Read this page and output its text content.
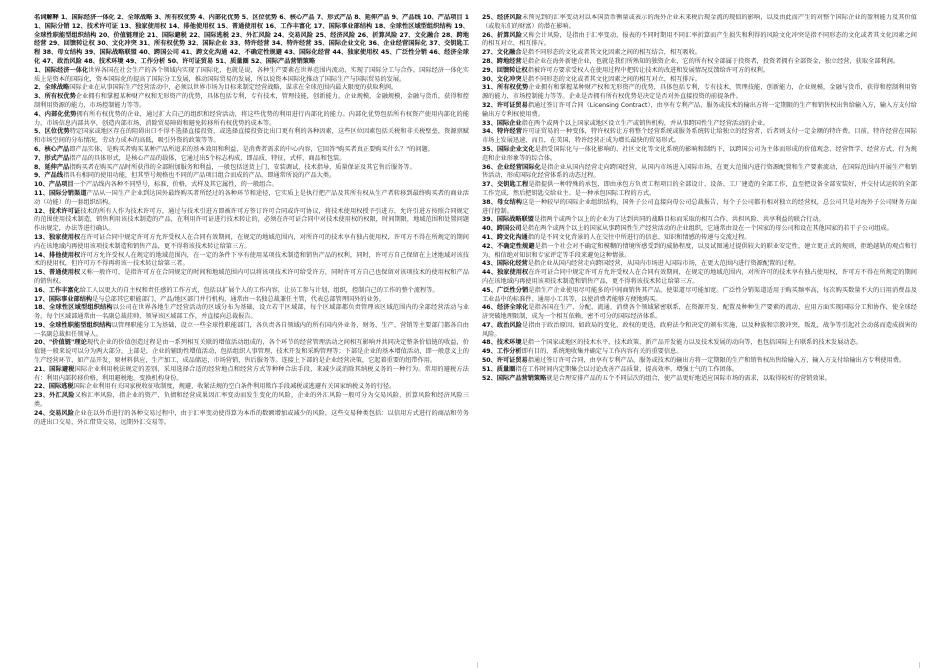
名词解释 1、国际经济一体化 2、全球战略 3、所有权优势 4、内部化优势 5、区位优势 6、核心产品 7、形式产品 8、延伸产品 9、产品线 10、产品项目 11、国际分销 12、技术许可证 13、独家使用权 14、排他使用权 15、普通使用权 16、工作丰富化 17、国际事业部结构 18、全球性区域型组织结构 19、全球性职能型组织结构 20、价值链理论 21、国际避税 22、国际逃税 23、外汇风险 24、交易风险 25、经济风险 26、折算风险 27、文化融合 28、跨地经营 29、回馈转让权 30、文化冲突 31、所有权优势 32、国际企业 33、特许经营 34、特许经营 35、国际企业文化 36、企业经营国际化 37、交钥匙工程 38、母女结构 39、国际战略联盟 40、跨国公司 41、跨文化沟通 42、不确定性规避 43、国际化经营 44、独家使用权 45、广泛性分销 46、经济全球化 47、政治风险 48、技术环境 49、工作分析 50、许可证贸易 51、质量圈 52、国际产品营销策略

1、国际经济一体化世界各国在社会生产的各个领域内实现了国际化，也就是说，各种生产要素在世界范围内流动，实现了国际分工与合作。国际经济一体化实质上是资本的国际化，资本国际化的提高了国际分工发展，推动国际贸易的发展，所以说资本国际化推动了国际生产与国际贸易的发展。

2、全球战略国际企业在从事国际生产经营活动中，必须以世界市场为目标来制定经营战略，谋求在全球范围内最大限度的获取利润。

3、所有权优势企业拥有和掌握某种财产权和无形资产的优势，具体包括专利，专有技术，管理技能，创新能力，企业规模，金融规模，金融与货币，获得和控制利用资源的能力，市场控制能力等等。

4、内部化优势拥有所有权优势的企业，通过扩大自己的组织和经营活动，将这些优势的利用进行内部化的能力。内部化优势包括所有权资产使用内部化的能力，市场信息内部共享，创造内部市场，消除贸易障碍和避免转移所有权优势的成本等。

5、区位优势特定国家或地区存在的阻碍出口不得不选择直接投资，或选择直接投资比出口更有利的各种因素，这些区位因素包括关税和非关税壁垒，资源禀赋和市场空间的分布情况，劳动力成本的高低，吸引外资的政策等等。

6、核心产品即产品实体，是购买者购买某种产品所追求的基本效用和利益，是消费者需求的中心内容，它回答"购买者真正要购买什么？"的问题。

7、形式产品指产品的具体形式，是核心产品的载体，它通过出5个标志构成，即品质，特征，式样，商品和包装。

8、延伸产品指购买者在购买产品时所获得的全部附加服务和利益，一般包括送货上门，安装调试，技术指导，质量保证及其它售后服务等。

9、产品线指具有相同的使用功能，但其型号规格也不同的产品项目组合而成的产品，即通常所说的产品大类。

10、产品项目一个产品线内各种不同型号，标准，价格，式样及其它属性，的一般组合。

11、国际分销渠道产品从一国生产企业到达国外最终购买者所经过的各种环节和途径，它实质上是执行把产品及其所有权从生产者转移到最终购买者的商业活动（功能）的一套组织结构。

12、技术许可证技术的所有人作为技术许可方，通过与技术引进方即被许可方签订许可合同或许可协议，将技术使用权授予引进方，允许引进方按照合同规定的范围使用技术制造，销售利用该技术制造的产品，在利用许可证进行技术转让的，必须在许可证合同中对技术使用权的权限，时间期限，地域范围和处置问题作出规定，办法等进行确认。

13、独家使用权在许可证合同中规定许可方允许受权人在合同有效期间，在规定的地域范围内，对所许可的技术享有独占使用权，许可方不得在所规定的期间内在该地域内再使用该项技术制造和销售产品，更不得将该技术转让给第三方。

14、排他使用权许可方允许受权人在规定的地域范围内，在一定的条件下享有使用某项技术制造和销售产品的权利，同时，许可方自己保留在上述地域对该技术的使用权，但许可方不得再将该一技术转让给第三者。

15、普通使用权又称一般许可，是指许可方在合同规定的时间和地域范围内可以将该项技术许可给受许方，同时许可方自己也保留对该项技术的使用权和产品的销售权。

16、工作丰富化给工人以更大的自主权和责任感的工作方式，包括以扩展个人的工作内容，让员工参与计划，组织，控制自己的工作的整个流程等。

17、国际事业部结构是与总部其它职能部门、产品/地区部门并行机构，通常由一名独总裁兼任主管，代表总部管理国外的业务。

18、全球性区域型组织结构以公司在世界各地生产经营活动的区域分布为基础，设立若干区域部，每个区域部都负责管理该区域范围内的全部经营活动与业务，每个区域部通常由一名副总裁挂帅，领导该区域部工作，并直接向总裁报告。

19、全球性职能型组织结构以管理职能分工为基础，设立一些全球性职能部门，各负责各自领域内的所有国内外业务，财务、生产、营销等主要部门都各自由一名副总裁担任领导人。

20、"价值链"理论现代企业的价值创造过程是由一系列相互关联的增值活动组成的，各个环节的经营管理活动之间相互影响并共同决定整条价值链的收益，价值链一般来说可以分为两大部分，上部是，企业的辅助性增值活动，包括组织人事管理，技术开发和采购管理等；下部是企业的基本增值活动，即一般意义上的生产经营环节，如产品开发，原材料供应，生产加工，成品储运，市场营销，售后服务等。连接上下部的是企业经营决策，它起着重要的纽带作用。

21、国际避税国际企业利用税法规定的差别，采用选择合适的经营地点和经营方式等种种合法手段，来减少或消除其纳税义务的一种行为。常用的避税方法有：利用内部转移价格，利用避税地，变换机构身份。

22、国际逃税国际企业利用有关国家税收征收制度，规避、收紧法规的空白条件利用欺诈手段减税或逃避有关国家纳税义务的行径。

23、外汇风险又称汇率风险，指企业的资产、负债和经营成果因汇率变动而发生变化的风险，企业的外汇风险一般可分为交易风险，折算风险和经济风险三类。

24、交易风险企业在以外币进行的各种交易过程中，由于汇率变动使得算为本币的数额增加或减少的风险，这些交易种类包括：以信用方式进行的商品和劳务的进出口交易，外汇借贷交易，远期外汇交易等。

25、经济风险未预见到的汇率变动对以本国货币衡量或表示的海外企业未来税后现金流的现值的影响，以及由此而产生的对整个国际企业的盈利能力及其价值（或股东们的财富）的潜在影响。

26、折算风险又称会计风险，是指由于汇率变动，报表的不同时期用不同汇率折算而产生损失和利得的风险文化冲突是指不同形态的文化或者其文化因素之间的相互对立，相互排斥。

27、文化融合是指不同形态的文化或者其文化因素之间的相互结合，相互吸收。

28、跨地经营是指企业在海外新建企业，也就是我们所熟知的独资企业，它的所有权全部属于投资者，投资者拥有全部资金，独立经营，获取全部利润。

29、回馈转让权指被许可方要求受权人在使用过程中把转让技术的改进和发展情况反馈给许可方的权利。

30、文化冲突是指不同形态的文化或者其文化因素之间的相互对立，相互排斥。

31、所有权优势企业拥有和掌握某种财产权和无形资产的优势，具体包括专利，专有技术，管理技能，创新能力，企业规模，金融与货币，获得和控制利用资源的能力，市场控制能力等等。企业是否拥有所有权优势是决定是否对外直接投资的前提条件。

32、许可证贸易指通过签订许可合同（Licensing Contract），由享有专利产品、服务或技术的输出方将一定期限的生产和销售权出售给输入方，输入方支付给输出方专利权使用费。

33、国际企业指在两个或两个以上国家或地区设立生产或销售机构，并从事跨国性生产经营活动的企业。

34、特许经营许可证贸易的一种变体，特许权转让方将整个经营系统或服务系统转让给独立的经营者，后者则支付一定金额的特许费。目前，特许经营在国际市场上发展迅速，而且，在美国，特许经营正成为增长最快的贸易形式。

35、国际企业文化是指受国际化与一体化影响的、社区文化等文化系统的影响和制约下，以跨国公司为主体而形成的价值观念、经营哲学、经营方式、行为规范和企业形象等的综合体。

36、企业经营国际化是指企业从国内经营走向跨国经营，从国内市场进入国际市场，在更大范围内进行资源配置和生产要素流动，在国际范围内开展生产和销售活动，形成国际化经营体系的动态过程。

37、交钥匙工程是指提供一种特殊的承包，即由承包方负责工程项目的全部设计、设备、工厂建造的全部工作，直至把设备全部安装好，并交付试运转的全部工作完成，然后把钥匙交给业主。是一种承包国际工程的方式。

38、母女结构这是一种较早的国际企业组织结构，国外子公司直接向母公司总裁报告，每个子公司都有相对独立的经营权，总公司只是对海外子公司财务方面进行控制。

39、国际战略联盟是指两个或两个以上的企业为了达到共同的战略目标而采取的相互合作、共担风险、共享利益的联合行动。

40、跨国公司是指在两个或两个以上的国家从事跨国性生产经营活动的企业组织，它通常由设在一个国家的母公司和设在其他国家的若干子公司组成。

41、跨文化沟通指的是不同文化背景的人在交往中所进行的信息、知识和情感的传递与交流过程。

42、不确定性规避是指一个社会对不确定和模糊的情境所感受到的威胁程度，以及试图通过提供较大的职业安定性，建立更正式的规则，拒绝越轨的观点和行为，相信绝对知识和专家评定等手段来避免这种情景。

43、国际化经营是指企业从国内经营走向跨国经营，从国内市场进入国际市场，在更大范围内进行资源配置的过程。

44、独家使用权在许可证合同中规定许可方允许受权人在合同有效期间，在规定的地域范围内，对所许可的技术享有独占使用权，许可方不得在所规定的期间内在该地域内再使用该项技术制造和销售产品，更不得将该技术转让给第三方。

45、广泛性分销是指生产企业使用尽可能多的中间商销售其产品，使渠道尽可能加宽。广泛性分销渠道适用于购买频率高，每次购买数量不大的日用消费品及工业品中的标准件、通用小工具等，以使消费者能够方便地购买。

46、经济全球化是指各国在生产、分配、流通、消费各个领域紧密联系，在资源开发、配置及种种生产要素的流动、应用方面实现国际分工和协作，使全球经济突破地理限制，成为一个相互依赖、密不可分的国际经济体系。

47、政治风险是指由于政治原因，如政局的变化，政权的更迭，政府法令和决定的颁布实施，以及种族和宗教冲突，叛乱，战争等引起社会动荡而造成损害的风险。

48、技术环境是指一个国家或地区的技术水平，技术政策，新产品开发能力以及技术发展的动向等，也包括国际上有联系的技术发展动态。

49、工作分析即有目的、系统地收集并确定与工作内容有关的重要信息。

50、许可证贸易指通过签订许可合同，由享有专利产品、服务或技术的输出方将一定期限的生产和销售权出售给输入方，输入方支付给输出方专利使用费。

51、质量圈指在工作时间内定期集会以讨论改善产品质量、提高效率、增强士气的工作团体。

52、国际产品营销策略就是合理安排产品的五个不同层次的组合，使产品更好地适应国际市场的需求，以取得较好的营销效果。
